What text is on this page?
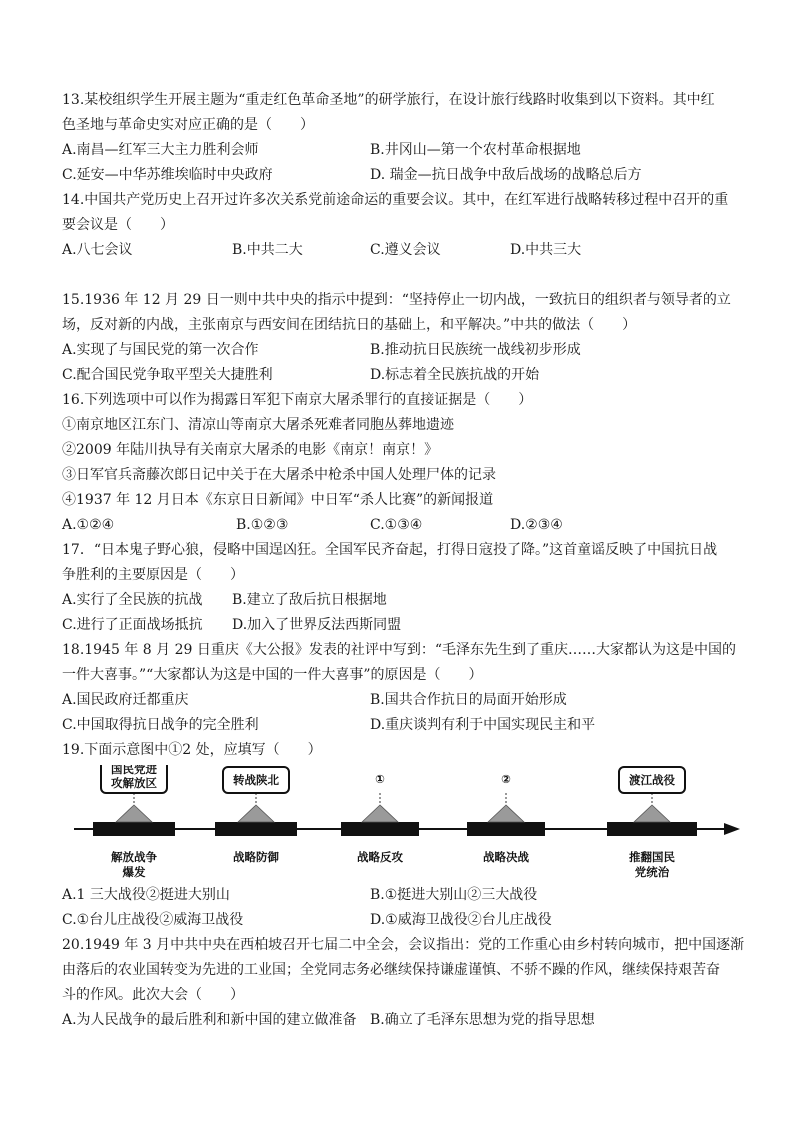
13.某校组织学生开展主题为“重走红色革命圣地”的研学旅行，在设计旅行线路时收集到以下资料。其中红
色圣地与革命史实对应正确的是（　　）
A.南昌—红军三大主力胜利会师	B.井冈山—第一个农村革命根据地
C.延安—中华苏维埃临时中央政府	D. 瑞金—抗日战争中敌后战场的战略总后方
14.中国共产党历史上召开过许多次关系党前途命运的重要会议。其中，在红军进行战略转移过程中召开的重
要会议是（　　）
A.八七会议	B.中共二大	C.遵义会议	D.中共三大
15.1936 年 12 月 29 日一则中共中央的指示中提到：“坚持停止一切内战，一致抗日的组织者与领导者的立
场，反对新的内战，主张南京与西安间在团结抗日的基础上，和平解决。”中共的做法（　　）
A.实现了与国民党的第一次合作	B.推动抗日民族统一战线初步形成
C.配合国民党争取平型关大捷胜利	D.标志着全民族抗战的开始
16.下列选项中可以作为揭露日军犯下南京大屠杀罪行的直接证据是（　　）
①南京地区江东门、清凉山等南京大屠杀死难者同胞丛葬地遗迹
②2009 年陆川执导有关南京大屠杀的电影《南京！南京！》
③日军官兵斋藤次郎日记中关于在大屠杀中枪杀中国人处理尸体的记录
④1937 年 12 月日本《东京日日新闻》中日军“杀人比赛”的新闻报道
A.①②④	B.①②③	C.①③④	D.②③④
17．“日本鬼子野心狼，侵略中国逞凶狂。全国军民齐奋起，打得日寇投了降。”这首童谣反映了中国抗日战
争胜利的主要原因是（　　）
A.实行了全民族的抗战 B.建立了敌后抗日根据地
C.进行了正面战场抵抗 D.加入了世界反法西斯同盟
18.1945 年 8 月 29 日重庆《大公报》发表的社评中写到：“毛泽东先生到了重庆……大家都认为这是中国的
一件大喜事。”“大家都认为这是中国的一件大喜事”的原因是（　　）
A.国民政府迁都重庆	B.国共合作抗日的局面开始形成
C.中国取得抗日战争的完全胜利	D.重庆谈判有利于中国实现民主和平
19.下面示意图中①2 处，应填写（　　）
国民党进
攻解放区
解放战争
爆发
转战陕北
战略防御
①
战略反攻
②
战略决战
渡江战役
推翻国民
党统治
A.1 三大战役②挺进大别山	B.①挺进大别山②三大战役
C.①台儿庄战役②威海卫战役	D.①威海卫战役②台儿庄战役
20.1949 年 3 月中共中央在西柏坡召开七届二中全会，会议指出：党的工作重心由乡村转向城市，把中国逐渐
由落后的农业国转变为先进的工业国；全党同志务必继续保持谦虚谨慎、不骄不躁的作风，继续保持艰苦奋
斗的作风。此次大会（　　）
A.为人民战争的最后胜利和新中国的建立做准备 B.确立了毛泽东思想为党的指导思想
